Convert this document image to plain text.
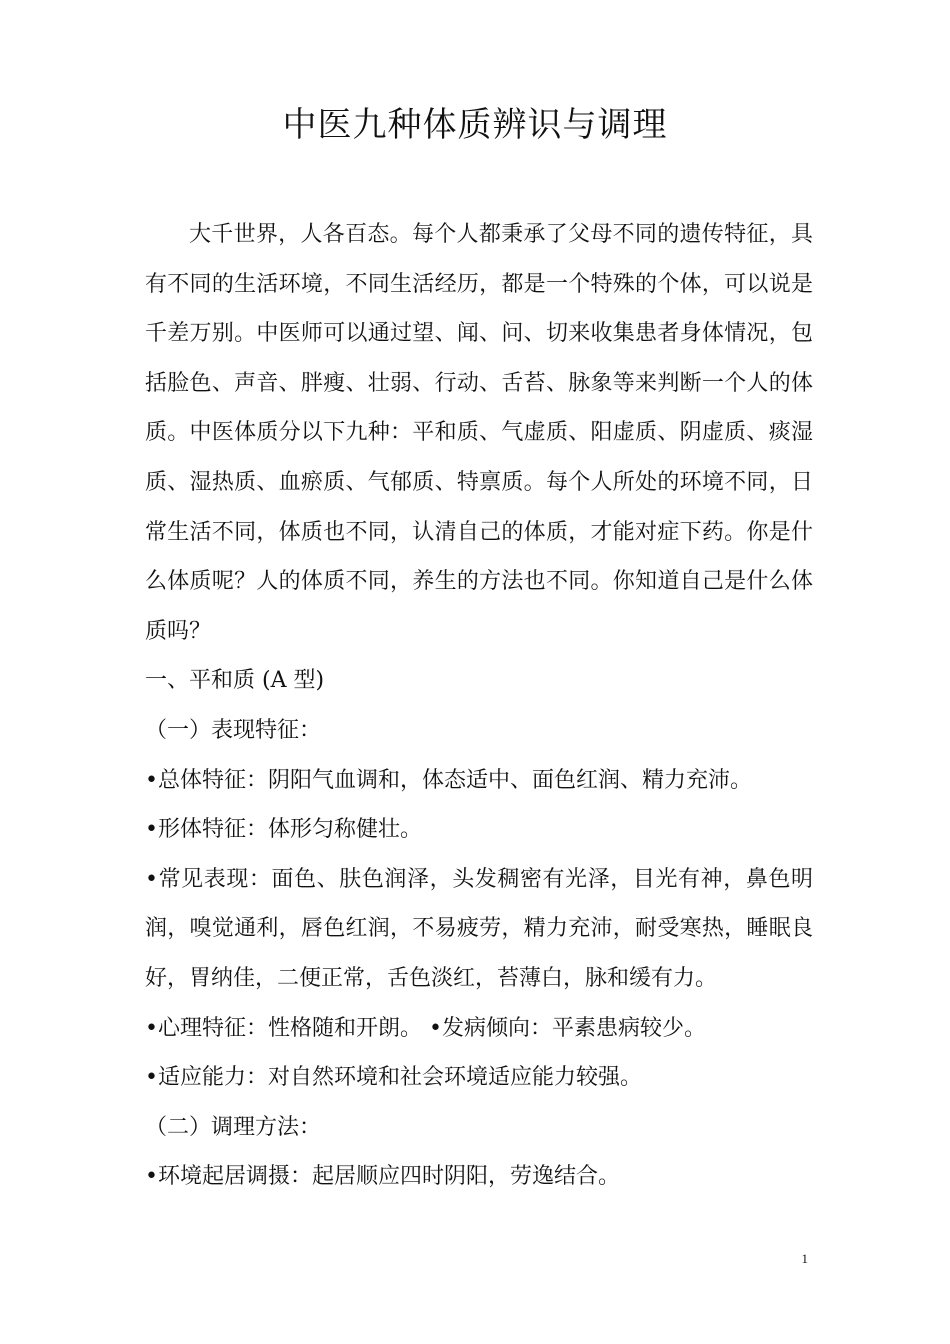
中医九种体质辨识与调理

大千世界，人各百态。每个人都秉承了父母不同的遗传特征，具有不同的生活环境，不同生活经历，都是一个特殊的个体，可以说是千差万别。中医师可以通过望、闻、问、切来收集患者身体情况，包括脸色、声音、胖瘦、壮弱、行动、舌苔、脉象等来判断一个人的体质。中医体质分以下九种：平和质、气虚质、阳虚质、阴虚质、痰湿质、湿热质、血瘀质、气郁质、特禀质。每个人所处的环境不同，日常生活不同，体质也不同，认清自己的体质，才能对症下药。你是什么体质呢？人的体质不同，养生的方法也不同。你知道自己是什么体质吗？

一、平和质 (A 型)

（一）表现特征：

•总体特征：阴阳气血调和，体态适中、面色红润、精力充沛。

•形体特征：体形匀称健壮。

•常见表现：面色、肤色润泽，头发稠密有光泽，目光有神，鼻色明润，嗅觉通利，唇色红润，不易疲劳，精力充沛，耐受寒热，睡眠良好，胃纳佳，二便正常，舌色淡红，苔薄白，脉和缓有力。

•心理特征：性格随和开朗。 •发病倾向：平素患病较少。

•适应能力：对自然环境和社会环境适应能力较强。

（二）调理方法：

•环境起居调摄：起居顺应四时阴阳，劳逸结合。

1
